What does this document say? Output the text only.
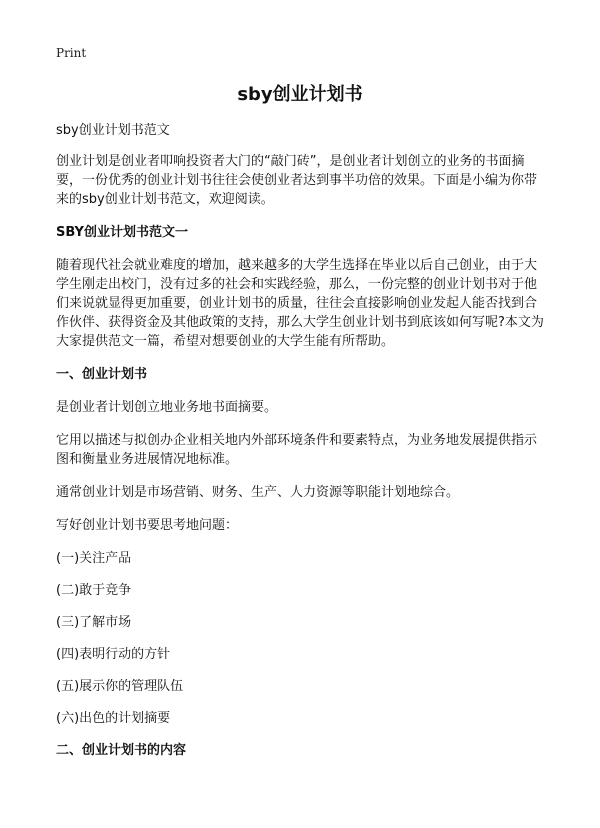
Print
sby创业计划书

sby创业计划书范文

创业计划是创业者叩响投资者大门的“敲门砖”，是创业者计划创立的业务的书面摘要，一份优秀的创业计划书往往会使创业者达到事半功倍的效果。下面是小编为你带来的sby创业计划书范文，欢迎阅读。

SBY创业计划书范文一

随着现代社会就业难度的增加，越来越多的大学生选择在毕业以后自己创业，由于大学生刚走出校门，没有过多的社会和实践经验，那么，一份完整的创业计划书对于他们来说就显得更加重要，创业计划书的质量，往往会直接影响创业发起人能否找到合作伙伴、获得资金及其他政策的支持，那么大学生创业计划书到底该如何写呢?本文为大家提供范文一篇，希望对想要创业的大学生能有所帮助。

一、创业计划书

是创业者计划创立地业务地书面摘要。

它用以描述与拟创办企业相关地内外部环境条件和要素特点，为业务地发展提供指示图和衡量业务进展情况地标准。

通常创业计划是市场营销、财务、生产、人力资源等职能计划地综合。

写好创业计划书要思考地问题：

(一)关注产品

(二)敢于竞争

(三)了解市场

(四)表明行动的方针

(五)展示你的管理队伍

(六)出色的计划摘要

二、创业计划书的内容
